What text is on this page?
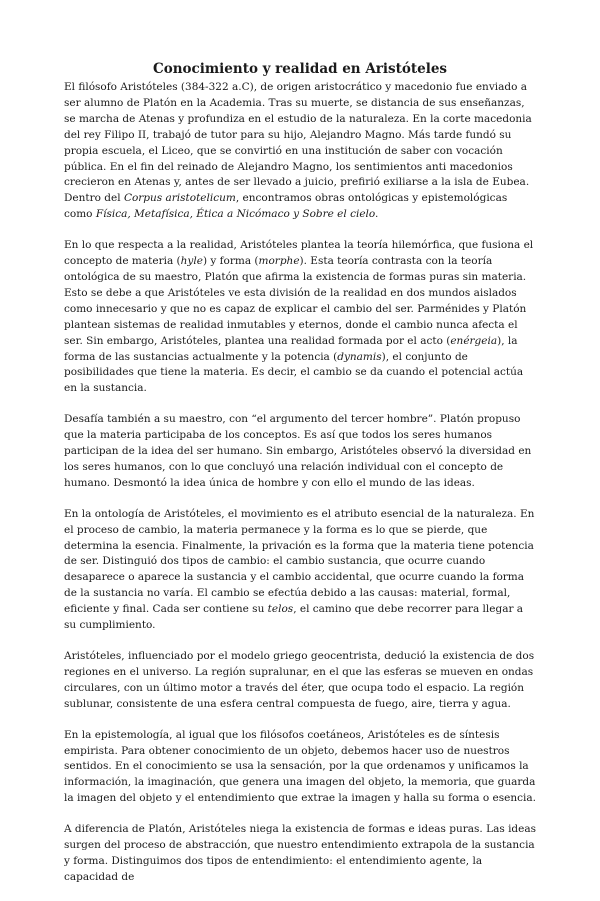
Conocimiento y realidad en Aristóteles

El filósofo Aristóteles (384-322 a.C), de origen aristocrático y macedonio fue enviado a ser alumno de Platón en la Academia. Tras su muerte, se distancia de sus enseñanzas, se marcha de Atenas y profundiza en el estudio de la naturaleza. En la corte macedonia del rey Filipo II, trabajó de tutor para su hijo, Alejandro Magno. Más tarde fundó su propia escuela, el Liceo, que se convirtió en una institución de saber con vocación pública. En el fin del reinado de Alejandro Magno, los sentimientos anti macedonios crecieron en Atenas y, antes de ser llevado a juicio, prefirió exiliarse a la isla de Eubea. Dentro del Corpus aristotelicum, encontramos obras ontológicas y epistemológicas como Física, Metafísica, Ética a Nicómaco y Sobre el cielo.

En lo que respecta a la realidad, Aristóteles plantea la teoría hilemórfica, que fusiona el concepto de materia (hyle) y forma (morphe). Esta teoría contrasta con la teoría ontológica de su maestro, Platón que afirma la existencia de formas puras sin materia. Esto se debe a que Aristóteles ve esta división de la realidad en dos mundos aislados como innecesario y que no es capaz de explicar el cambio del ser. Parménides y Platón plantean sistemas de realidad inmutables y eternos, donde el cambio nunca afecta el ser. Sin embargo, Aristóteles, plantea una realidad formada por el acto (enérgeia), la forma de las sustancias actualmente y la potencia (dynamis), el conjunto de posibilidades que tiene la materia. Es decir, el cambio se da cuando el potencial actúa en la sustancia.

Desafía también a su maestro, con “el argumento del tercer hombre”. Platón propuso que la materia participaba de los conceptos. Es así que todos los seres humanos participan de la idea del ser humano. Sin embargo, Aristóteles observó la diversidad en los seres humanos, con lo que concluyó una relación individual con el concepto de humano. Desmontó la idea única de hombre y con ello el mundo de las ideas.

En la ontología de Aristóteles, el movimiento es el atributo esencial de la naturaleza. En el proceso de cambio, la materia permanece y la forma es lo que se pierde, que determina la esencia. Finalmente, la privación es la forma que la materia tiene potencia de ser. Distinguió dos tipos de cambio: el cambio sustancia, que ocurre cuando desaparece o aparece la sustancia y el cambio accidental, que ocurre cuando la forma de la sustancia no varía. El cambio se efectúa debido a las causas: material, formal, eficiente y final. Cada ser contiene su telos, el camino que debe recorrer para llegar a su cumplimiento.

Aristóteles, influenciado por el modelo griego geocentrista, dedució la existencia de dos regiones en el universo. La región supralunar, en el que las esferas se mueven en ondas circulares, con un último motor a través del éter, que ocupa todo el espacio. La región sublunar, consistente de una esfera central compuesta de fuego, aire, tierra y agua.

En la epistemología, al igual que los filósofos coetáneos, Aristóteles es de síntesis empirista. Para obtener conocimiento de un objeto, debemos hacer uso de nuestros sentidos. En el conocimiento se usa la sensación, por la que ordenamos y unificamos la información, la imaginación, que genera una imagen del objeto, la memoria, que guarda la imagen del objeto y el entendimiento que extrae la imagen y halla su forma o esencia.

A diferencia de Platón, Aristóteles niega la existencia de formas e ideas puras. Las ideas surgen del proceso de abstracción, que nuestro entendimiento extrapola de la sustancia y forma. Distinguimos dos tipos de entendimiento: el entendimiento agente, la capacidad de
